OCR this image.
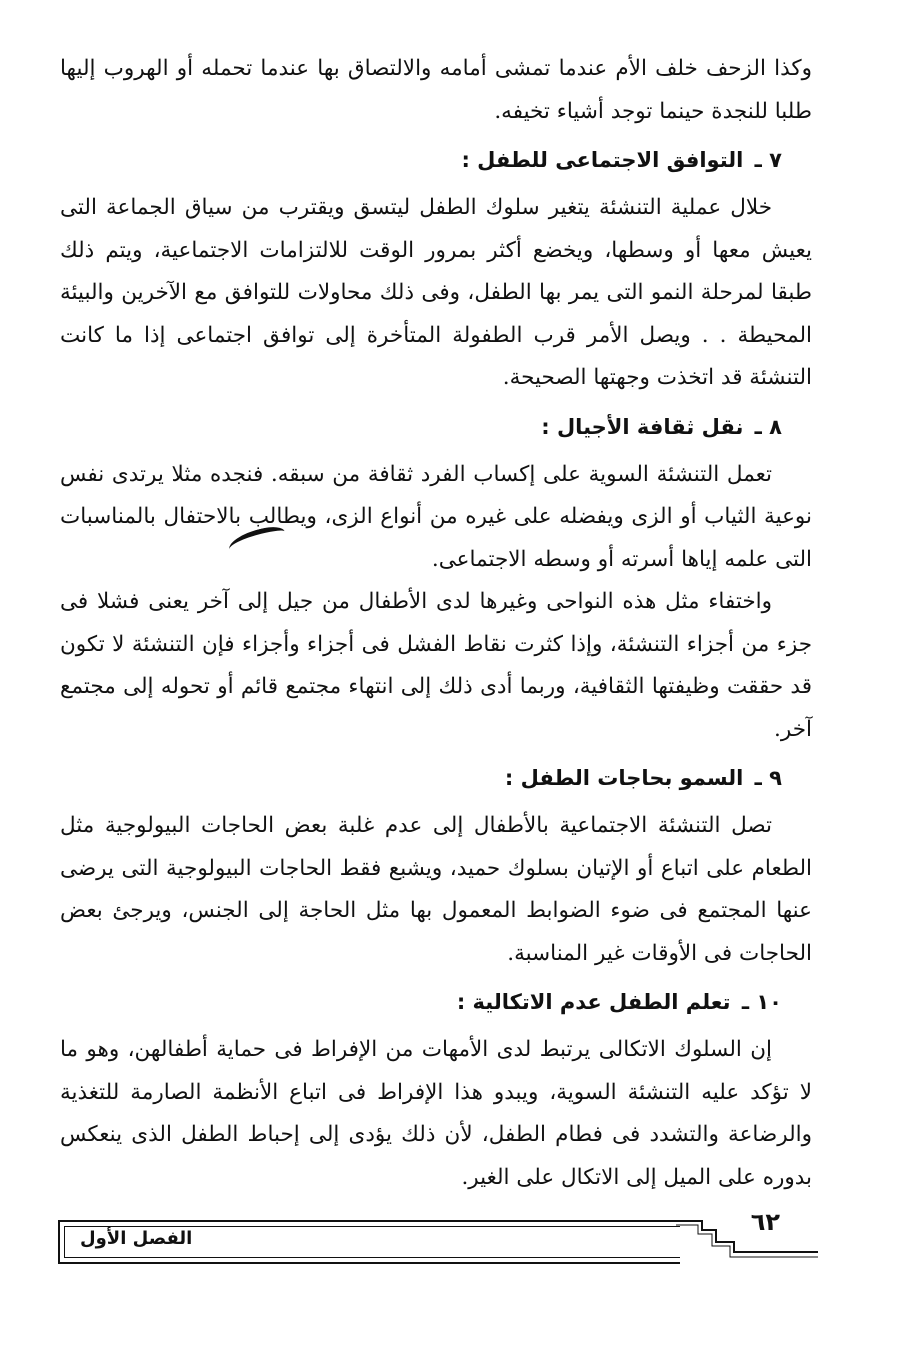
وكذا الزحف خلف الأم عندما تمشى أمامه والالتصاق بها عندما تحمله أو الهروب إليها طلبا للنجدة حينما توجد أشياء تخيفه.

٧ ـ التوافق الاجتماعى للطفل :

خلال عملية التنشئة يتغير سلوك الطفل ليتسق ويقترب من سياق الجماعة التى يعيش معها أو وسطها، ويخضع أكثر بمرور الوقت للالتزامات الاجتماعية، ويتم ذلك طبقا لمرحلة النمو التى يمر بها الطفل، وفى ذلك محاولات للتوافق مع الآخرين والبيئة المحيطة . . ويصل الأمر قرب الطفولة المتأخرة إلى توافق اجتماعى إذا ما كانت التنشئة قد اتخذت وجهتها الصحيحة.

٨ ـ نقل ثقافة الأجيال :

تعمل التنشئة السوية على إكساب الفرد ثقافة من سبقه. فنجده مثلا يرتدى نفس نوعية الثياب أو الزى ويفضله على غيره من أنواع الزى، ويطالب بالاحتفال بالمناسبات التى علمه إياها أسرته أو وسطه الاجتماعى.

واختفاء مثل هذه النواحى وغيرها لدى الأطفال من جيل إلى آخر يعنى فشلا فى جزء من أجزاء التنشئة، وإذا كثرت نقاط الفشل فى أجزاء وأجزاء فإن التنشئة لا تكون قد حققت وظيفتها الثقافية، وربما أدى ذلك إلى انتهاء مجتمع قائم أو تحوله إلى مجتمع آخر.

٩ ـ السمو بحاجات الطفل :

تصل التنشئة الاجتماعية بالأطفال إلى عدم غلبة بعض الحاجات البيولوجية مثل الطعام على اتباع أو الإتيان بسلوك حميد، ويشبع فقط الحاجات البيولوجية التى يرضى عنها المجتمع فى ضوء الضوابط المعمول بها مثل الحاجة إلى الجنس، ويرجئ بعض الحاجات فى الأوقات غير المناسبة.

١٠ ـ تعلم الطفل عدم الاتكالية :

إن السلوك الاتكالى يرتبط لدى الأمهات من الإفراط فى حماية أطفالهن، وهو ما لا تؤكد عليه التنشئة السوية، ويبدو هذا الإفراط فى اتباع الأنظمة الصارمة للتغذية والرضاعة والتشدد فى فطام الطفل، لأن ذلك يؤدى إلى إحباط الطفل الذى ينعكس بدوره على الميل إلى الاتكال على الغير.

الفصل الأول
٦٢
